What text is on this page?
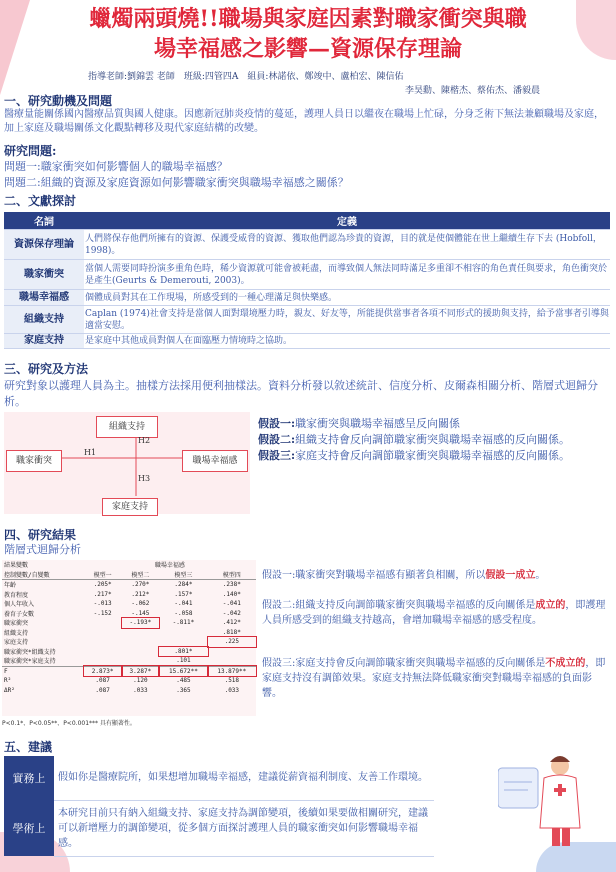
蠟燭兩頭燒!!職場與家庭因素對職家衝突與職
場幸福感之影響—資源保存理論
指導老師:劉錦雲 老師　班級:四管四A　組員:林諾依、鄭竣中、盧柏宏、陳信佑
李昊勳、陳楷杰、蔡佑杰、潘毅晨
一、研究動機及問題
醫療量能關係國內醫療品質與國人健康。因應新冠肺炎疫情的蔓延，護理人員日以繼夜在職場上忙碌，分身乏術下無法兼顧職場及家庭，加上家庭及職場關係文化觀點轉移及現代家庭結構的改變。
研究問題:
問題一:職家衝突如何影響個人的職場幸福感？
問題二:組織的資源及家庭資源如何影響職家衝突與職場幸福感之關係？
二、文獻探討
名詞	定義
資源保存理論	人們將保存他們所擁有的資源、保護受威脅的資源、獲取他們認為珍貴的資源，目的就是使個體能在世上繼續生存下去 (Hobfoll，1998)。
職家衝突	當個人需要同時扮演多重角色時，稀少資源就可能會被耗盡，而導致個人無法同時滿足多重卻不相容的角色責任與要求，角色衝突於是產生(Geurts & Demerouti, 2003)。
職場幸福感	個體成員對其在工作現場，所感受到的一種心理滿足與快樂感。
組織支持	Caplan (1974)社會支持是當個人面對環境壓力時，親友、好友等，所能提供當事者各項不同形式的援助與支持，給予當事者引導與適當安慰。
家庭支持	是家庭中其他成員對個人在面臨壓力情境時之協助。
三、研究及方法
研究對象以護理人員為主。抽樣方法採用便利抽樣法。資料分析發以敘述統計、信度分析、皮爾森相關分析、階層式迴歸分析。
組織支持
職家衝突	職場幸福感
家庭支持
H1
H2
H3
假設一:職家衝突與職場幸福感呈反向關係
假設二:組織支持會反向調節職家衝突與職場幸福感的反向關係。
假設三:家庭支持會反向調節職家衝突與職場幸福感的反向關係。
四、研究結果
階層式迴歸分析
結果變數	職場幸福感			
控制變數/自變數	模型一	模型二	模型三	模型四
年齡	.205*	.270*	.284*	.238*
教育程度	.217*	.212*	.157*	.140*
個人年收入	-.013	-.062	-.041	-.041
養育子女數	-.152	-.145	-.058	-.042
職家衝突		-.193*	-.811*	.412*
組織支持				.818*
家庭支持				.225
職家衝突*組織支持			.801*	
職家衝突*家庭支持			.101	
F	2.873*	3.287*	15.672**	13.879**
R²	.087	.120	.485	.518
ΔR²	.087	.033	.365	.033
P<0.1*、P<0.05**、P<0.001*** 具有顯著性。
假設一:職家衝突對職場幸福感有顯著負相關，所以假設一成立。
假設二:組織支持反向調節職家衝突與職場幸福感的反向關係是成立的，即護理人員所感受到的組織支持越高，會增加職場幸福感的感受程度。
假設三:家庭支持會反向調節職家衝突與職場幸福感的反向關係是不成立的，即家庭支持沒有調節效果。家庭支持無法降低職家衝突對職場幸福感的負面影響。
五、建議
實務上	假如你是醫療院所，如果想增加職場幸福感，建議從薪資福利制度、友善工作環境。
學術上	本研究目前只有納入組織支持、家庭支持為調節變項，後續如果要做相關研究，建議可以新增壓力的調節變項，從多個方面探討護理人員的職家衝突如何影響職場幸福感。
